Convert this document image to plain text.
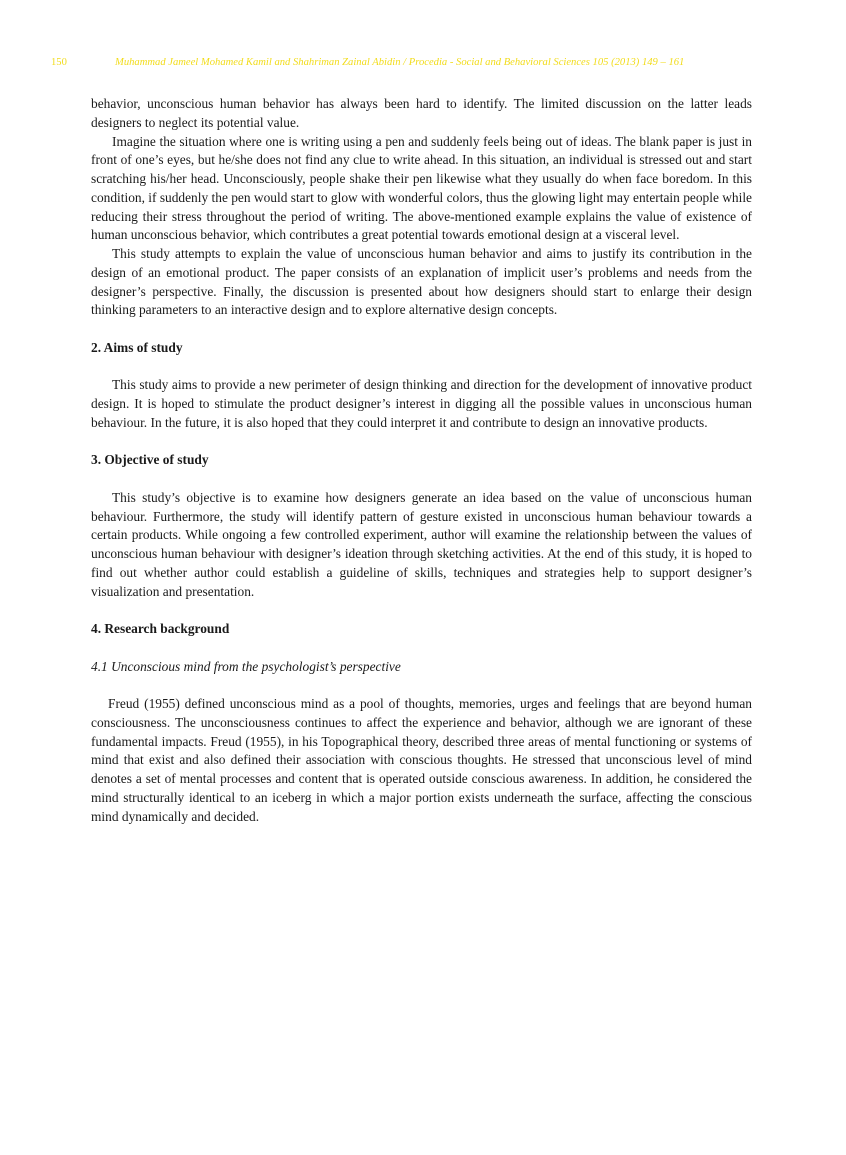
150	Muhammad Jameel Mohamed Kamil and Shahriman Zainal Abidin / Procedia - Social and Behavioral Sciences 105 (2013) 149 – 161

behavior, unconscious human behavior has always been hard to identify. The limited discussion on the latter leads designers to neglect its potential value.

Imagine the situation where one is writing using a pen and suddenly feels being out of ideas. The blank paper is just in front of one’s eyes, but he/she does not find any clue to write ahead. In this situation, an individual is stressed out and start scratching his/her head. Unconsciously, people shake their pen likewise what they usually do when face boredom. In this condition, if suddenly the pen would start to glow with wonderful colors, thus the glowing light may entertain people while reducing their stress throughout the period of writing. The above-mentioned example explains the value of existence of human unconscious behavior, which contributes a great potential towards emotional design at a visceral level.

This study attempts to explain the value of unconscious human behavior and aims to justify its contribution in the design of an emotional product. The paper consists of an explanation of implicit user’s problems and needs from the designer’s perspective. Finally, the discussion is presented about how designers should start to enlarge their design thinking parameters to an interactive design and to explore alternative design concepts.

2. Aims of study

This study aims to provide a new perimeter of design thinking and direction for the development of innovative product design. It is hoped to stimulate the product designer’s interest in digging all the possible values in unconscious human behaviour. In the future, it is also hoped that they could interpret it and contribute to design an innovative products.

3. Objective of study

This study’s objective is to examine how designers generate an idea based on the value of unconscious human behaviour. Furthermore, the study will identify pattern of gesture existed in unconscious human behaviour towards a certain products. While ongoing a few controlled experiment, author will examine the relationship between the values of unconscious human behaviour with designer’s ideation through sketching activities. At the end of this study, it is hoped to find out whether author could establish a guideline of skills, techniques and strategies help to support designer’s visualization and presentation.

4. Research background

4.1 Unconscious mind from the psychologist’s perspective

Freud (1955) defined unconscious mind as a pool of thoughts, memories, urges and feelings that are beyond human consciousness. The unconsciousness continues to affect the experience and behavior, although we are ignorant of these fundamental impacts. Freud (1955), in his Topographical theory, described three areas of mental functioning or systems of mind that exist and also defined their association with conscious thoughts. He stressed that unconscious level of mind denotes a set of mental processes and content that is operated outside conscious awareness. In addition, he considered the mind structurally identical to an iceberg in which a major portion exists underneath the surface, affecting the conscious mind dynamically and decided.
